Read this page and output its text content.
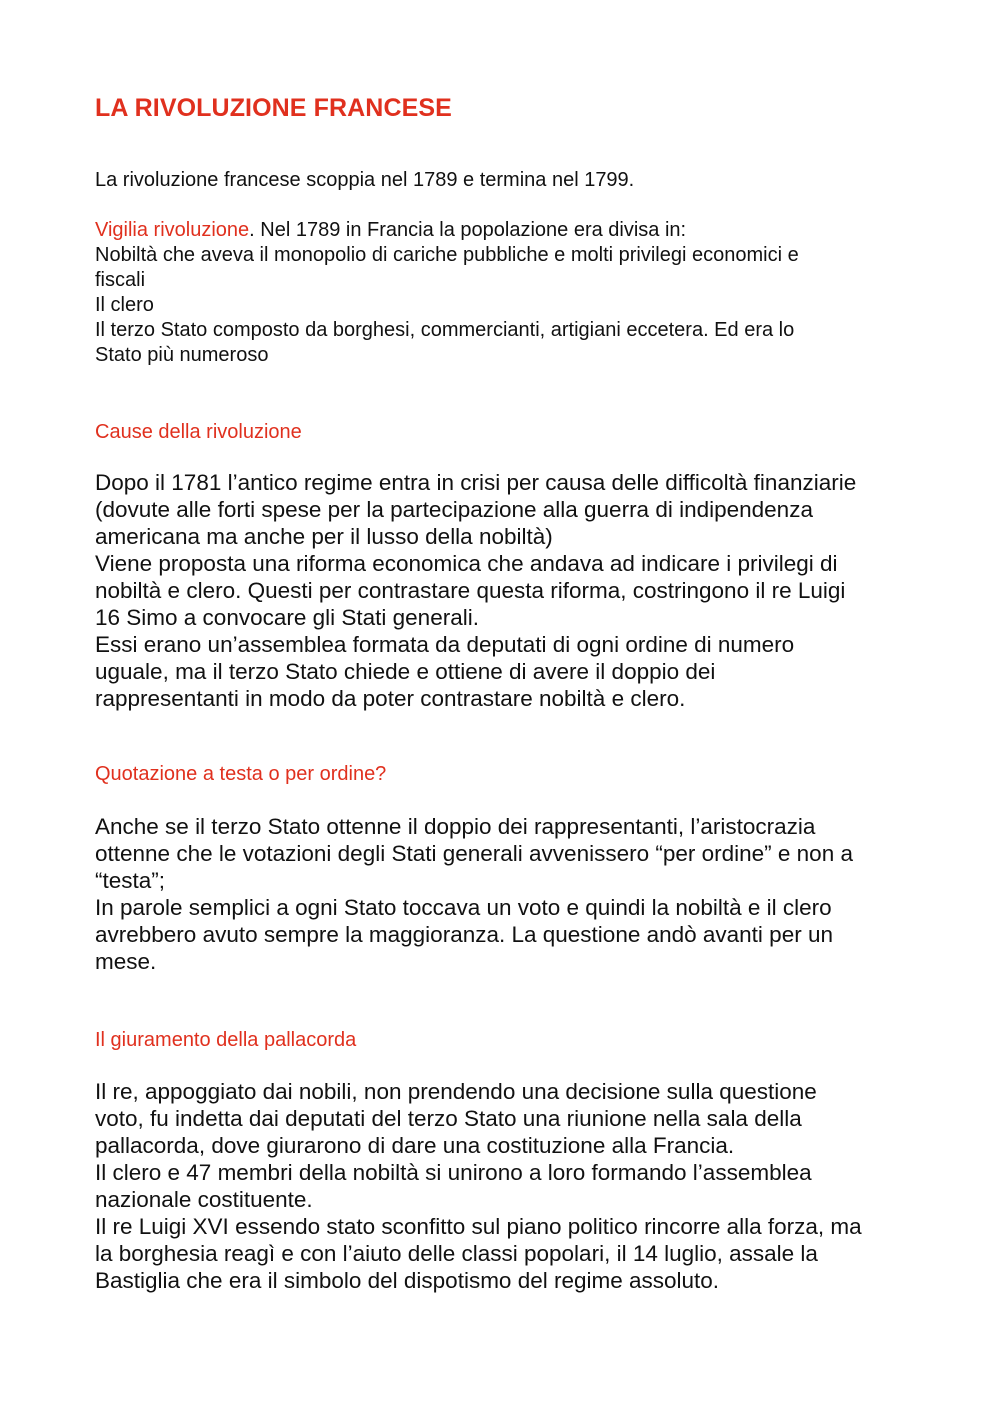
LA RIVOLUZIONE FRANCESE

La rivoluzione francese scoppia nel 1789 e termina nel 1799.

Vigilia rivoluzione. Nel 1789 in Francia la popolazione era divisa in:
Nobiltà che aveva il monopolio di cariche pubbliche e molti privilegi economici e
fiscali
Il clero
Il terzo Stato composto da borghesi, commercianti, artigiani eccetera. Ed era lo
Stato più numeroso
Cause della rivoluzione
Dopo il 1781 l’antico regime entra in crisi per causa delle difficoltà finanziarie
(dovute alle forti spese per la partecipazione alla guerra di indipendenza
americana ma anche per il lusso della nobiltà)
Viene proposta una riforma economica che andava ad indicare i privilegi di
nobiltà e clero. Questi per contrastare questa riforma, costringono il re Luigi
16 Simo a convocare gli Stati generali.
Essi erano un’assemblea formata da deputati di ogni ordine di numero
uguale, ma il terzo Stato chiede e ottiene di avere il doppio dei
rappresentanti in modo da poter contrastare nobiltà e clero.
Quotazione a testa o per ordine?
Anche se il terzo Stato ottenne il doppio dei rappresentanti, l’aristocrazia
ottenne che le votazioni degli Stati generali avvenissero “per ordine” e non a
“testa”;
In parole semplici a ogni Stato toccava un voto e quindi la nobiltà e il clero
avrebbero avuto sempre la maggioranza. La questione andò avanti per un
mese.
Il giuramento della pallacorda
Il re, appoggiato dai nobili, non prendendo una decisione sulla questione
voto, fu indetta dai deputati del terzo Stato una riunione nella sala della
pallacorda, dove giurarono di dare una costituzione alla Francia.
Il clero e 47 membri della nobiltà si unirono a loro formando l’assemblea
nazionale costituente.
Il re Luigi XVI essendo stato sconfitto sul piano politico rincorre alla forza, ma
la borghesia reagì e con l’aiuto delle classi popolari, il 14 luglio, assale la
Bastiglia che era il simbolo del dispotismo del regime assoluto.
